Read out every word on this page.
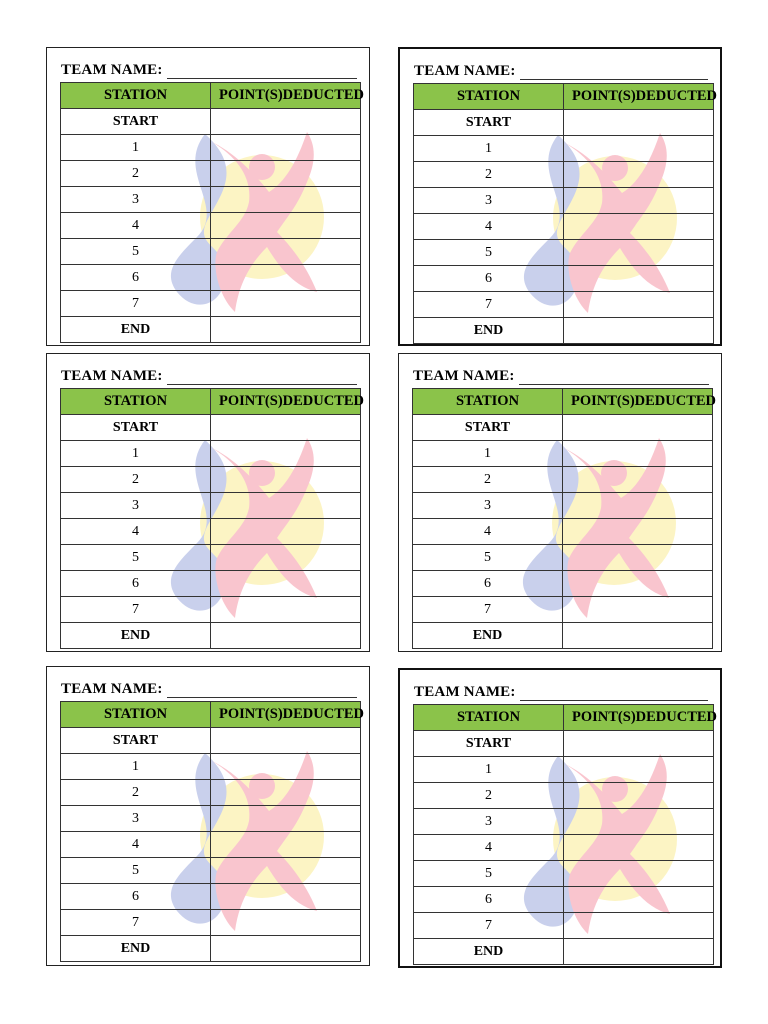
TEAM NAME:
STATION	POINT(S)DEDUCTED
START	
1	
2	
3	
4	
5	
6	
7	
END	
TEAM NAME:
STATION	POINT(S)DEDUCTED
START	
1	
2	
3	
4	
5	
6	
7	
END	
TEAM NAME:
STATION	POINT(S)DEDUCTED
START	
1	
2	
3	
4	
5	
6	
7	
END	
TEAM NAME:
STATION	POINT(S)DEDUCTED
START	
1	
2	
3	
4	
5	
6	
7	
END	
TEAM NAME:
STATION	POINT(S)DEDUCTED
START	
1	
2	
3	
4	
5	
6	
7	
END	
TEAM NAME:
STATION	POINT(S)DEDUCTED
START	
1	
2	
3	
4	
5	
6	
7	
END	
